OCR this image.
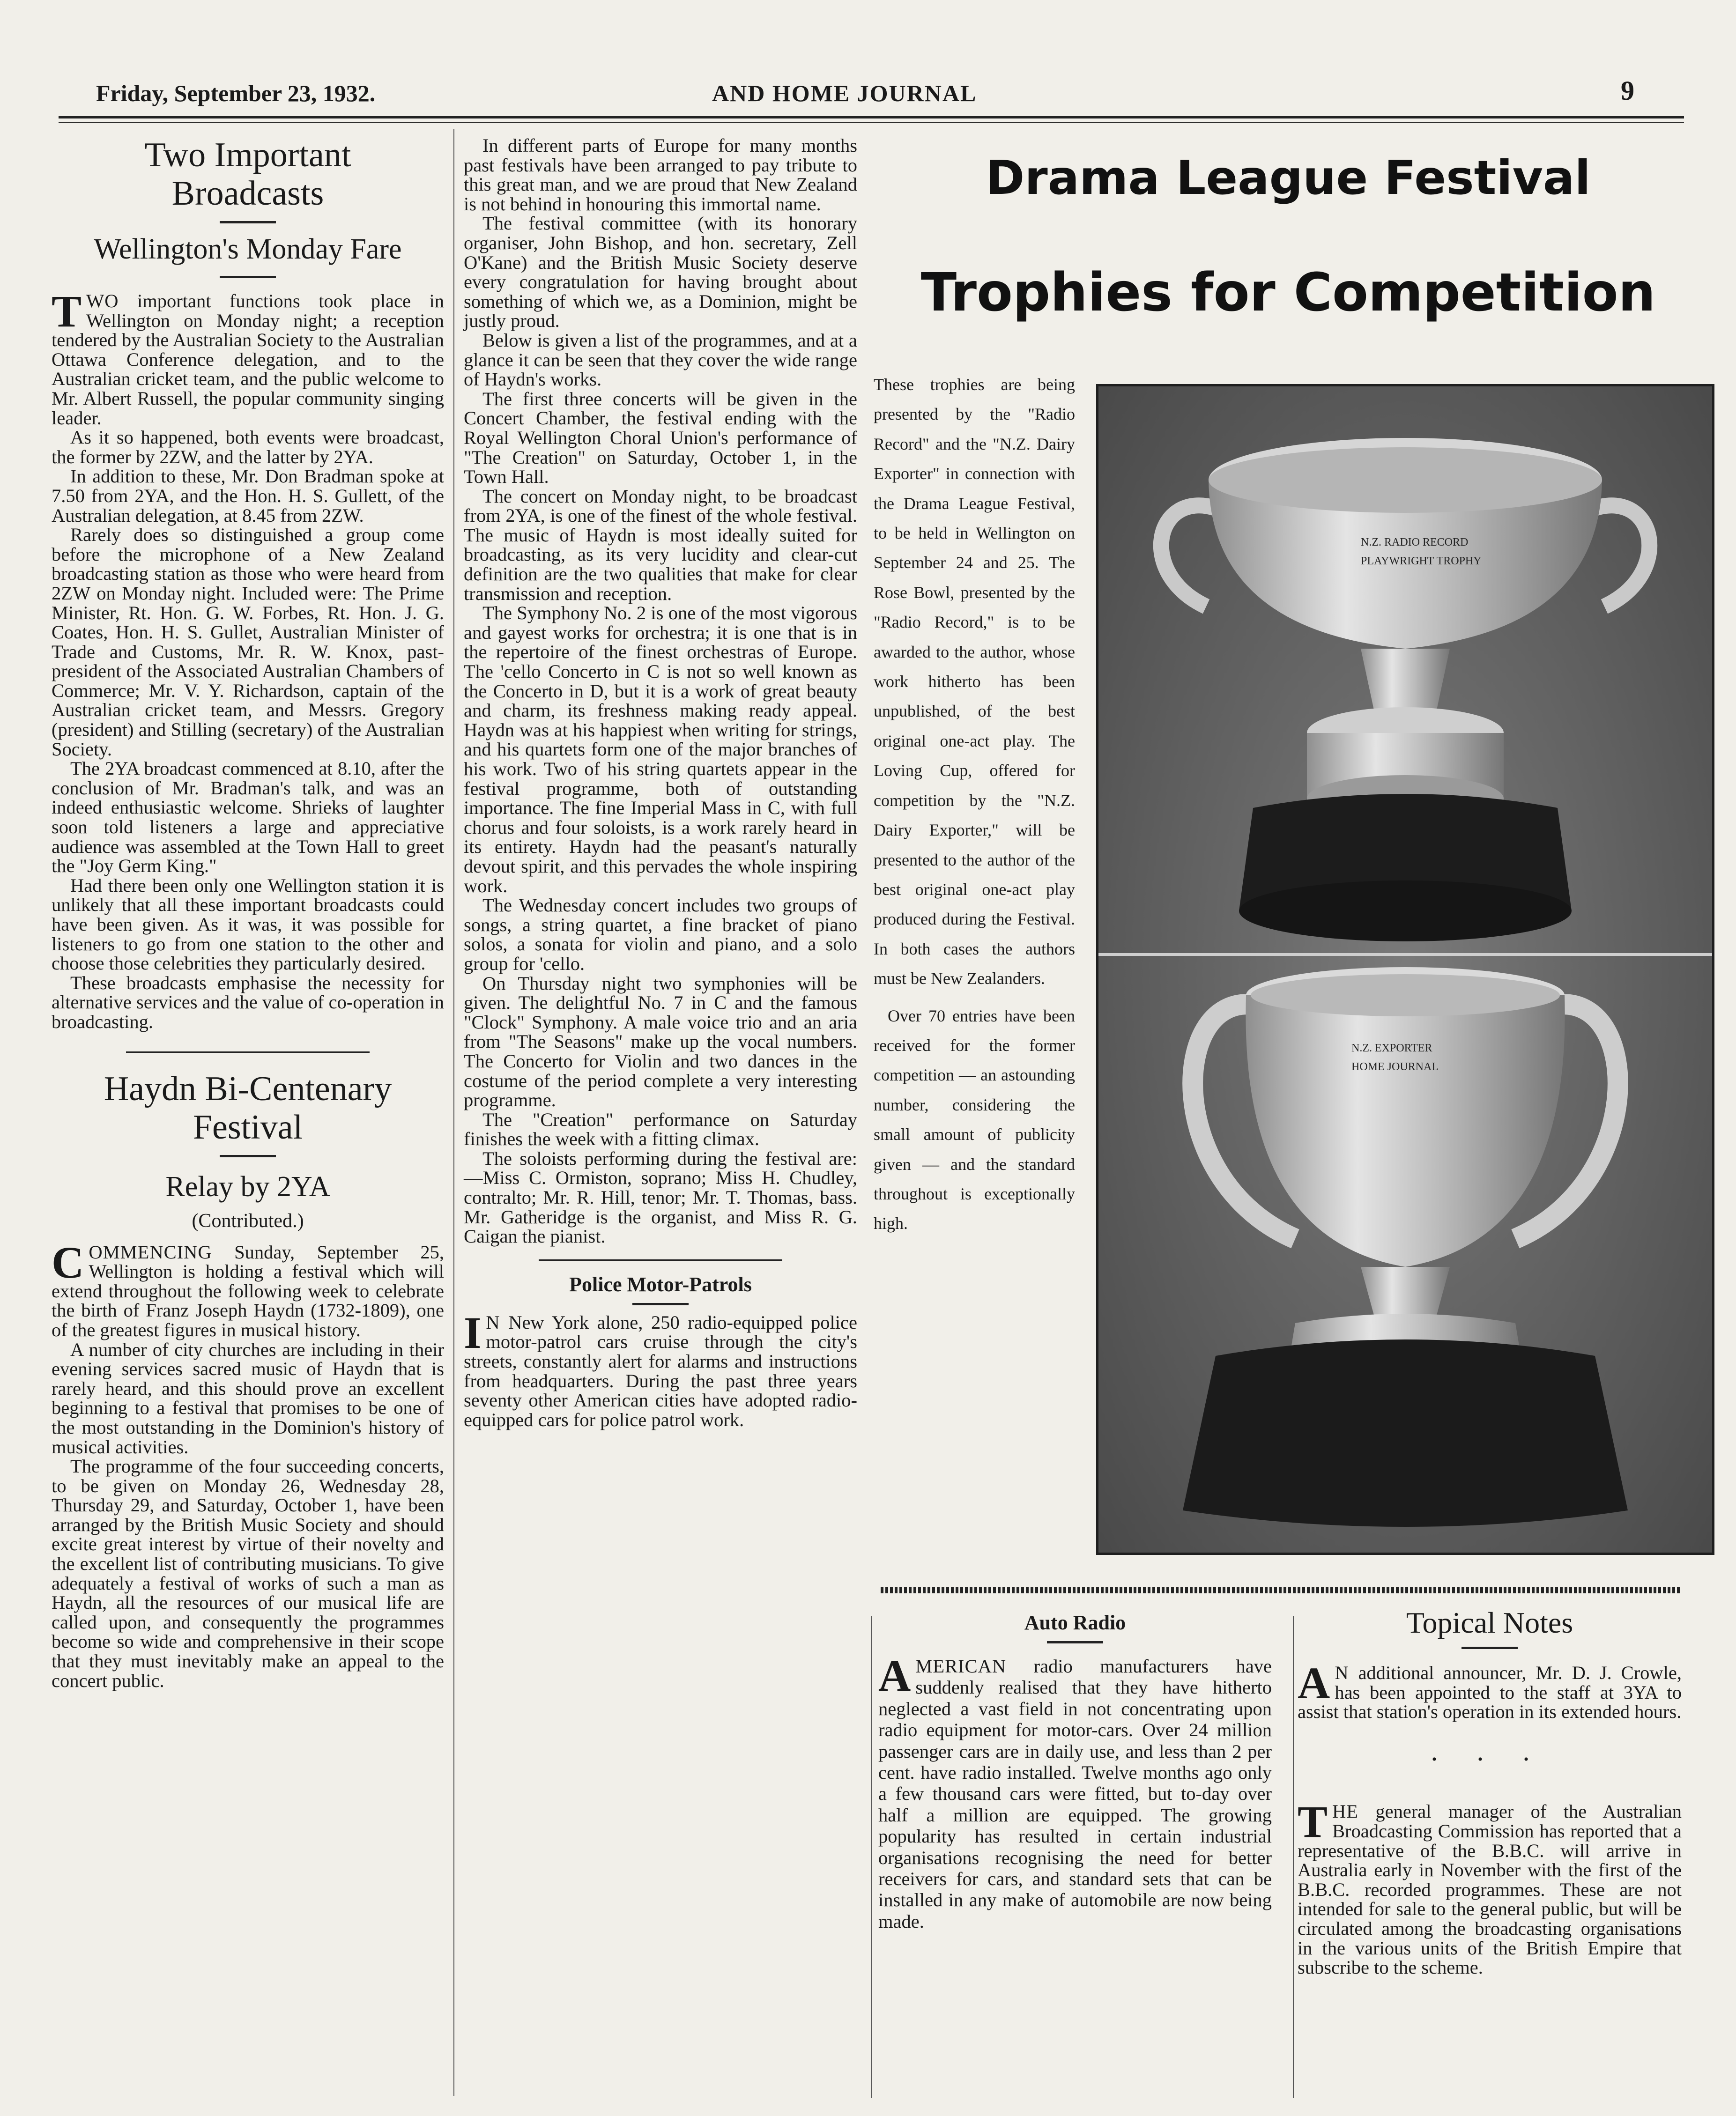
Friday, September 23, 1932.	AND HOME JOURNAL	9
Two Important
Broadcasts
Wellington's Monday Fare

TWO important functions took place in Wellington on Monday night; a reception tendered by the Australian Society to the Australian Ottawa Conference delegation, and to the Australian cricket team, and the public welcome to Mr. Albert Russell, the popular community singing leader.

As it so happened, both events were broadcast, the former by 2ZW, and the latter by 2YA.

In addition to these, Mr. Don Bradman spoke at 7.50 from 2YA, and the Hon. H. S. Gullett, of the Australian delegation, at 8.45 from 2ZW.

Rarely does so distinguished a group come before the microphone of a New Zealand broadcasting station as those who were heard from 2ZW on Monday night. Included were: The Prime Minister, Rt. Hon. G. W. Forbes, Rt. Hon. J. G. Coates, Hon. H. S. Gullet, Australian Minister of Trade and Customs, Mr. R. W. Knox, past-president of the Associated Australian Chambers of Commerce; Mr. V. Y. Richardson, captain of the Australian cricket team, and Messrs. Gregory (president) and Stilling (secretary) of the Australian Society.

The 2YA broadcast commenced at 8.10, after the conclusion of Mr. Bradman's talk, and was an indeed enthusiastic welcome. Shrieks of laughter soon told listeners a large and appreciative audience was assembled at the Town Hall to greet the "Joy Germ King."

Had there been only one Wellington station it is unlikely that all these important broadcasts could have been given. As it was, it was possible for listeners to go from one station to the other and choose those celebrities they particularly desired.

These broadcasts emphasise the necessity for alternative services and the value of co-operation in broadcasting.

Haydn Bi-Centenary
Festival
Relay by 2YA
(Contributed.)

COMMENCING Sunday, September 25, Wellington is holding a festival which will extend throughout the following week to celebrate the birth of Franz Joseph Haydn (1732-1809), one of the greatest figures in musical history.

A number of city churches are including in their evening services sacred music of Haydn that is rarely heard, and this should prove an excellent beginning to a festival that promises to be one of the most outstanding in the Dominion's history of musical activities.

The programme of the four succeeding concerts, to be given on Monday 26, Wednesday 28, Thursday 29, and Saturday, October 1, have been arranged by the British Music Society and should excite great interest by virtue of their novelty and the excellent list of contributing musicians. To give adequately a festival of works of such a man as Haydn, all the resources of our musical life are called upon, and consequently the programmes become so wide and comprehensive in their scope that they must inevitably make an appeal to the concert public.

In different parts of Europe for many months past festivals have been arranged to pay tribute to this great man, and we are proud that New Zealand is not behind in honouring this immortal name.

The festival committee (with its honorary organiser, John Bishop, and hon. secretary, Zell O'Kane) and the British Music Society deserve every congratulation for having brought about something of which we, as a Dominion, might be justly proud.

Below is given a list of the programmes, and at a glance it can be seen that they cover the wide range of Haydn's works.

The first three concerts will be given in the Concert Chamber, the festival ending with the Royal Wellington Choral Union's performance of "The Creation" on Saturday, October 1, in the Town Hall.

The concert on Monday night, to be broadcast from 2YA, is one of the finest of the whole festival. The music of Haydn is most ideally suited for broadcasting, as its very lucidity and clear-cut definition are the two qualities that make for clear transmission and reception.

The Symphony No. 2 is one of the most vigorous and gayest works for orchestra; it is one that is in the repertoire of the finest orchestras of Europe. The 'cello Concerto in C is not so well known as the Concerto in D, but it is a work of great beauty and charm, its freshness making ready appeal. Haydn was at his happiest when writing for strings, and his quartets form one of the major branches of his work. Two of his string quartets appear in the festival programme, both of outstanding importance. The fine Imperial Mass in C, with full chorus and four soloists, is a work rarely heard in its entirety. Haydn had the peasant's naturally devout spirit, and this pervades the whole inspiring work.

The Wednesday concert includes two groups of songs, a string quartet, a fine bracket of piano solos, a sonata for violin and piano, and a solo group for 'cello.

On Thursday night two symphonies will be given. The delightful No. 7 in C and the famous "Clock" Symphony. A male voice trio and an aria from "The Seasons" make up the vocal numbers. The Concerto for Violin and two dances in the costume of the period complete a very interesting programme.

The "Creation" performance on Saturday finishes the week with a fitting climax.

The soloists performing during the festival are:—Miss C. Ormiston, soprano; Miss H. Chudley, contralto; Mr. R. Hill, tenor; Mr. T. Thomas, bass. Mr. Gatheridge is the organist, and Miss R. G. Caigan the pianist.

Police Motor-Patrols

I N New York alone, 250 radio-equipped police motor-patrol cars cruise through the city's streets, constantly alert for alarms and instructions from headquarters. During the past three years seventy other American cities have adopted radio-equipped cars for police patrol work.

Drama League Festival
Trophies for Competition

These trophies are being presented by the "Radio Record" and the "N.Z. Dairy Exporter" in connection with the Drama League Festival, to be held in Wellington on September 24 and 25. The Rose Bowl, presented by the "Radio Record," is to be awarded to the author, whose work hitherto has been unpublished, of the best original one-act play. The Loving Cup, offered for competition by the "N.Z. Dairy Exporter," will be presented to the author of the best original one-act play produced during the Festival. In both cases the authors must be New Zealanders.

Over 70 entries have been received for the former competition — an astounding number, considering the small amount of publicity given — and the standard throughout is exceptionally high.

N.Z. RADIO RECORD
PLAYWRIGHT TROPHY
N.Z. EXPORTER
HOME JOURNAL
Auto Radio

AMERICAN radio manufacturers have suddenly realised that they have hitherto neglected a vast field in not concentrating upon radio equipment for motor-cars. Over 24 million passenger cars are in daily use, and less than 2 per cent. have radio installed. Twelve months ago only a few thousand cars were fitted, but to-day over half a million are equipped. The growing popularity has resulted in certain industrial organisations recognising the need for better receivers for cars, and standard sets that can be installed in any make of automobile are now being made.

Topical Notes

A N additional announcer, Mr. D. J. Crowle, has been appointed to the staff at 3YA to assist that station's operation in its extended hours.

• • •

THE general manager of the Australian Broadcasting Commission has reported that a representative of the B.B.C. will arrive in Australia early in November with the first of the B.B.C. recorded programmes. These are not intended for sale to the general public, but will be circulated among the broadcasting organisations in the various units of the British Empire that subscribe to the scheme.
